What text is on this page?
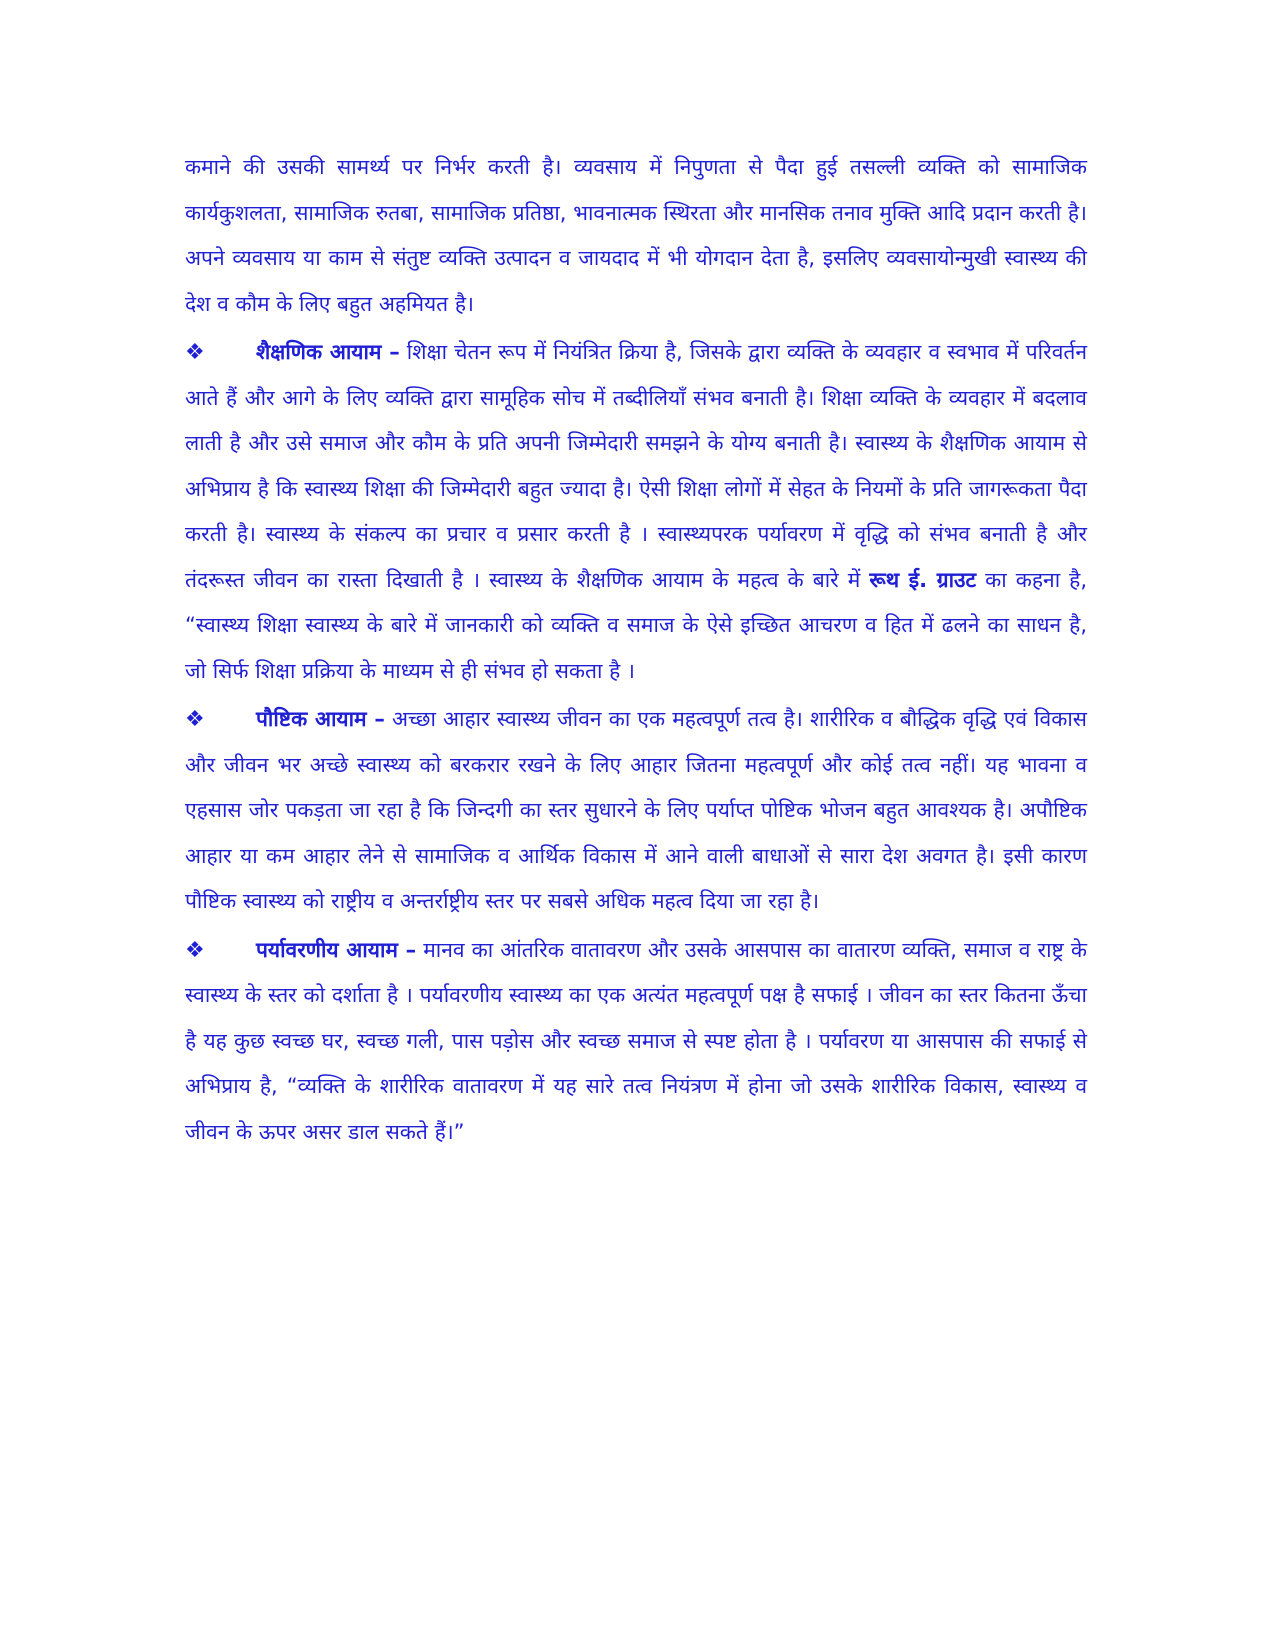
कमाने की उसकी सामर्थ्य पर निर्भर करती है। व्यवसाय में निपुणता से पैदा हुई तसल्ली व्यक्ति को सामाजिक कार्यकुशलता, सामाजिक रुतबा, सामाजिक प्रतिष्ठा, भावनात्मक स्थिरता और मानसिक तनाव मुक्ति आदि प्रदान करती है। अपने व्यवसाय या काम से संतुष्ट व्यक्ति उत्पादन व जायदाद में भी योगदान देता है, इसलिए व्यवसायोन्मुखी स्वास्थ्य की देश व कौम के लिए बहुत अहमियत है।

❖ शैक्षणिक आयाम – शिक्षा चेतन रूप में नियंत्रित क्रिया है, जिसके द्वारा व्यक्ति के व्यवहार व स्वभाव में परिवर्तन आते हैं और आगे के लिए व्यक्ति द्वारा सामूहिक सोच में तब्दीलियाँ संभव बनाती है। शिक्षा व्यक्ति के व्यवहार में बदलाव लाती है और उसे समाज और कौम के प्रति अपनी जिम्मेदारी समझने के योग्य बनाती है। स्वास्थ्य के शैक्षणिक आयाम से अभिप्राय है कि स्वास्थ्य शिक्षा की जिम्मेदारी बहुत ज्यादा है। ऐसी शिक्षा लोगों में सेहत के नियमों के प्रति जागरूकता पैदा करती है। स्वास्थ्य के संकल्प का प्रचार व प्रसार करती है । स्वास्थ्यपरक पर्यावरण में वृद्धि को संभव बनाती है और तंदरूस्त जीवन का रास्ता दिखाती है । स्वास्थ्य के शैक्षणिक आयाम के महत्व के बारे में रूथ ई. ग्राउट का कहना है, “स्वास्थ्य शिक्षा स्वास्थ्य के बारे में जानकारी को व्यक्ति व समाज के ऐसे इच्छित आचरण व हित में ढलने का साधन है, जो सिर्फ शिक्षा प्रक्रिया के माध्यम से ही संभव हो सकता है ।

❖ पौष्टिक आयाम – अच्छा आहार स्वास्थ्य जीवन का एक महत्वपूर्ण तत्व है। शारीरिक व बौद्धिक वृद्धि एवं विकास और जीवन भर अच्छे स्वास्थ्य को बरकरार रखने के लिए आहार जितना महत्वपूर्ण और कोई तत्व नहीं। यह भावना व एहसास जोर पकड़ता जा रहा है कि जिन्दगी का स्तर सुधारने के लिए पर्याप्त पोष्टिक भोजन बहुत आवश्यक है। अपौष्टिक आहार या कम आहार लेने से सामाजिक व आर्थिक विकास में आने वाली बाधाओं से सारा देश अवगत है। इसी कारण पौष्टिक स्वास्थ्य को राष्ट्रीय व अन्तर्राष्ट्रीय स्तर पर सबसे अधिक महत्व दिया जा रहा है।

❖ पर्यावरणीय आयाम – मानव का आंतरिक वातावरण और उसके आसपास का वातारण व्यक्ति, समाज व राष्ट्र के स्वास्थ्य के स्तर को दर्शाता है । पर्यावरणीय स्वास्थ्य का एक अत्यंत महत्वपूर्ण पक्ष है सफाई । जीवन का स्तर कितना ऊँचा है यह कुछ स्वच्छ घर, स्वच्छ गली, पास पड़ोस और स्वच्छ समाज से स्पष्ट होता है । पर्यावरण या आसपास की सफाई से अभिप्राय है, “व्यक्ति के शारीरिक वातावरण में यह सारे तत्व नियंत्रण में होना जो उसके शारीरिक विकास, स्वास्थ्य व जीवन के ऊपर असर डाल सकते हैं।”
